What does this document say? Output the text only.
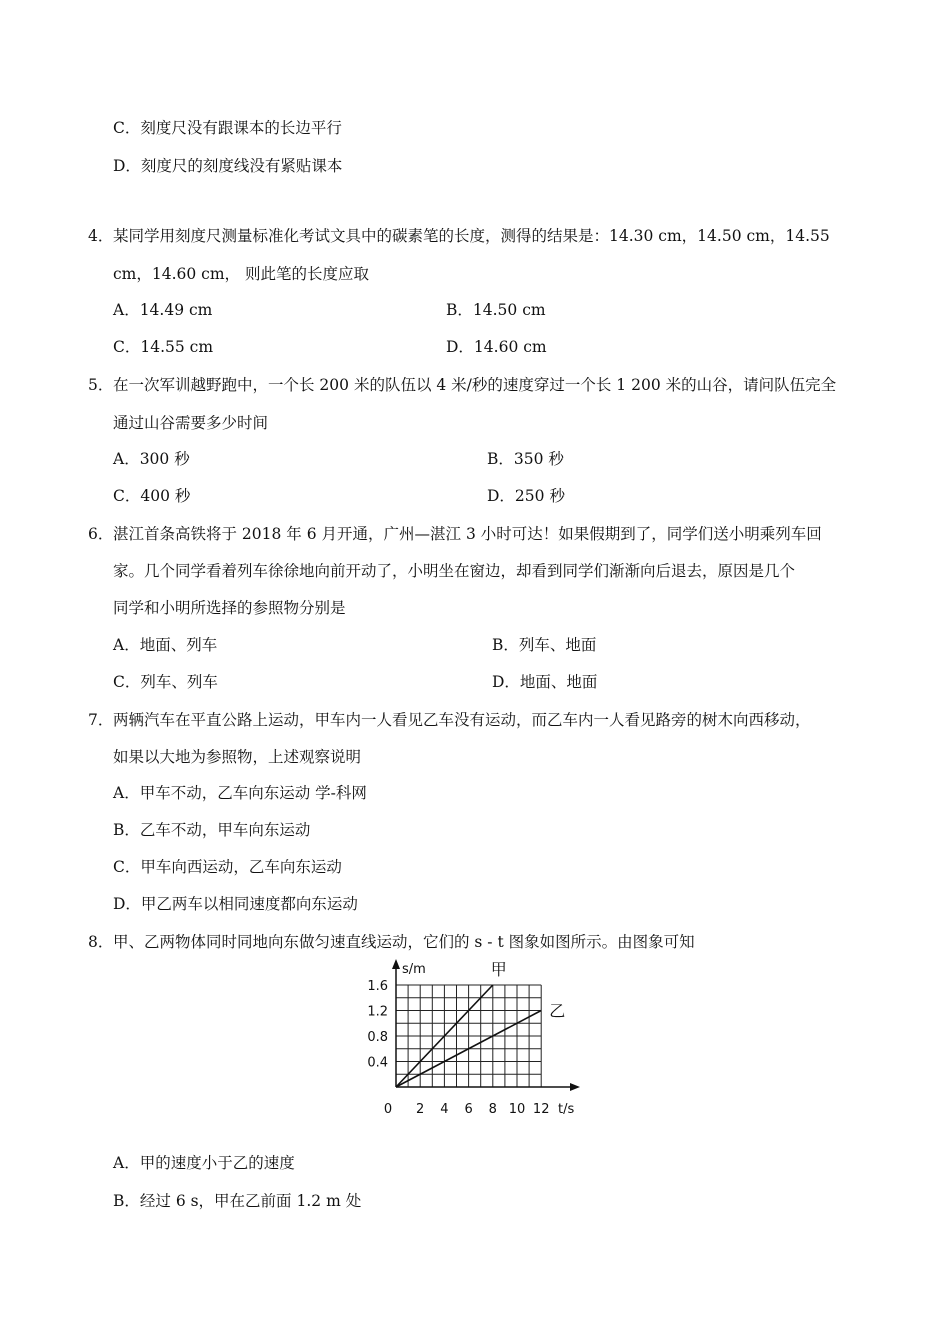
C．刻度尺没有跟课本的长边平行
D．刻度尺的刻度线没有紧贴课本
4． 某同学用刻度尺测量标准化考试文具中的碳素笔的长度，测得的结果是：14.30 cm，14.50 cm，14.55
cm，14.60 cm， 则此笔的长度应取
A．14.49 cm	B．14.50 cm
C．14.55 cm	D．14.60 cm
5． 在一次军训越野跑中，一个长 200 米的队伍以 4 米/秒的速度穿过一个长 1 200 米的山谷，请问队伍完全
通过山谷需要多少时间
A．300 秒	B．350 秒
C．400 秒	D．250 秒
6． 湛江首条高铁将于 2018 年 6 月开通，广州—湛江 3 小时可达！如果假期到了，同学们送小明乘列车回
家。几个同学看着列车徐徐地向前开动了，小明坐在窗边，却看到同学们渐渐向后退去，原因是几个
同学和小明所选择的参照物分别是
A．地面、列车	B．列车、地面
C．列车、列车	D．地面、地面
7． 两辆汽车在平直公路上运动，甲车内一人看见乙车没有运动，而乙车内一人看见路旁的树木向西移动，
如果以大地为参照物，上述观察说明
A．甲车不动，乙车向东运动 学-科网
B．乙车不动，甲车向东运动
C．甲车向西运动，乙车向东运动
D．甲乙两车以相同速度都向东运动
8． 甲、乙两物体同时同地向东做匀速直线运动，它们的 s - t 图象如图所示。由图象可知
s/m
t/s
0 2 4 6 8 10 12
0.4
0.8
1.2
1.6
甲
乙
A．甲的速度小于乙的速度
B．经过 6 s，甲在乙前面 1.2 m 处
